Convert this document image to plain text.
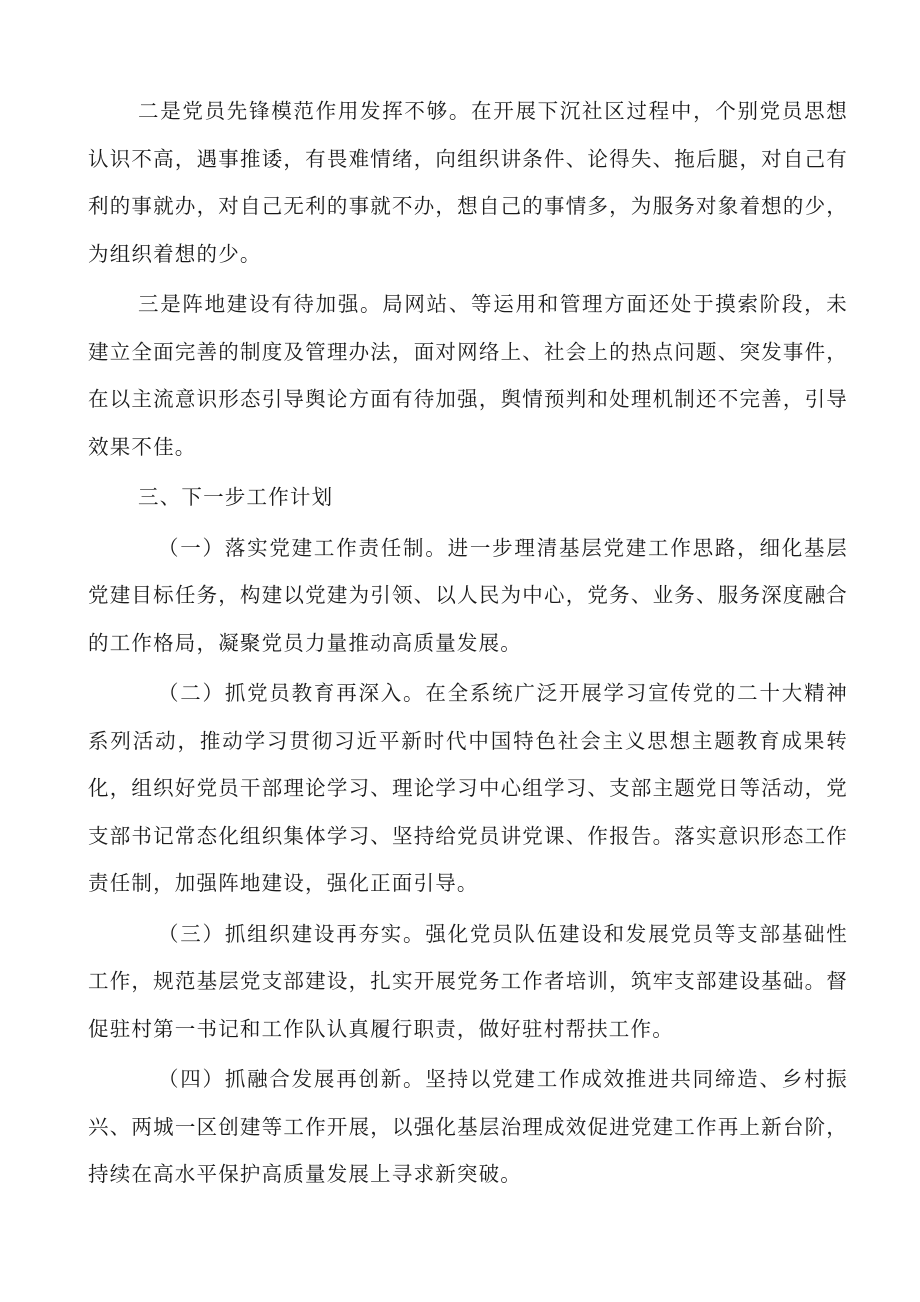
二是党员先锋模范作用发挥不够。在开展下沉社区过程中，个别党员思想认识不高，遇事推诿，有畏难情绪，向组织讲条件、论得失、拖后腿，对自己有利的事就办，对自己无利的事就不办，想自己的事情多，为服务对象着想的少，为组织着想的少。

三是阵地建设有待加强。局网站、等运用和管理方面还处于摸索阶段，未建立全面完善的制度及管理办法，面对网络上、社会上的热点问题、突发事件，在以主流意识形态引导舆论方面有待加强，舆情预判和处理机制还不完善，引导效果不佳。

三、下一步工作计划

（一）落实党建工作责任制。进一步理清基层党建工作思路，细化基层党建目标任务，构建以党建为引领、以人民为中心，党务、业务、服务深度融合的工作格局，凝聚党员力量推动高质量发展。

（二）抓党员教育再深入。在全系统广泛开展学习宣传党的二十大精神系列活动，推动学习贯彻习近平新时代中国特色社会主义思想主题教育成果转化，组织好党员干部理论学习、理论学习中心组学习、支部主题党日等活动，党支部书记常态化组织集体学习、坚持给党员讲党课、作报告。落实意识形态工作责任制，加强阵地建设，强化正面引导。

（三）抓组织建设再夯实。强化党员队伍建设和发展党员等支部基础性工作，规范基层党支部建设，扎实开展党务工作者培训，筑牢支部建设基础。督促驻村第一书记和工作队认真履行职责，做好驻村帮扶工作。

（四）抓融合发展再创新。坚持以党建工作成效推进共同缔造、乡村振兴、两城一区创建等工作开展，以强化基层治理成效促进党建工作再上新台阶，持续在高水平保护高质量发展上寻求新突破。
